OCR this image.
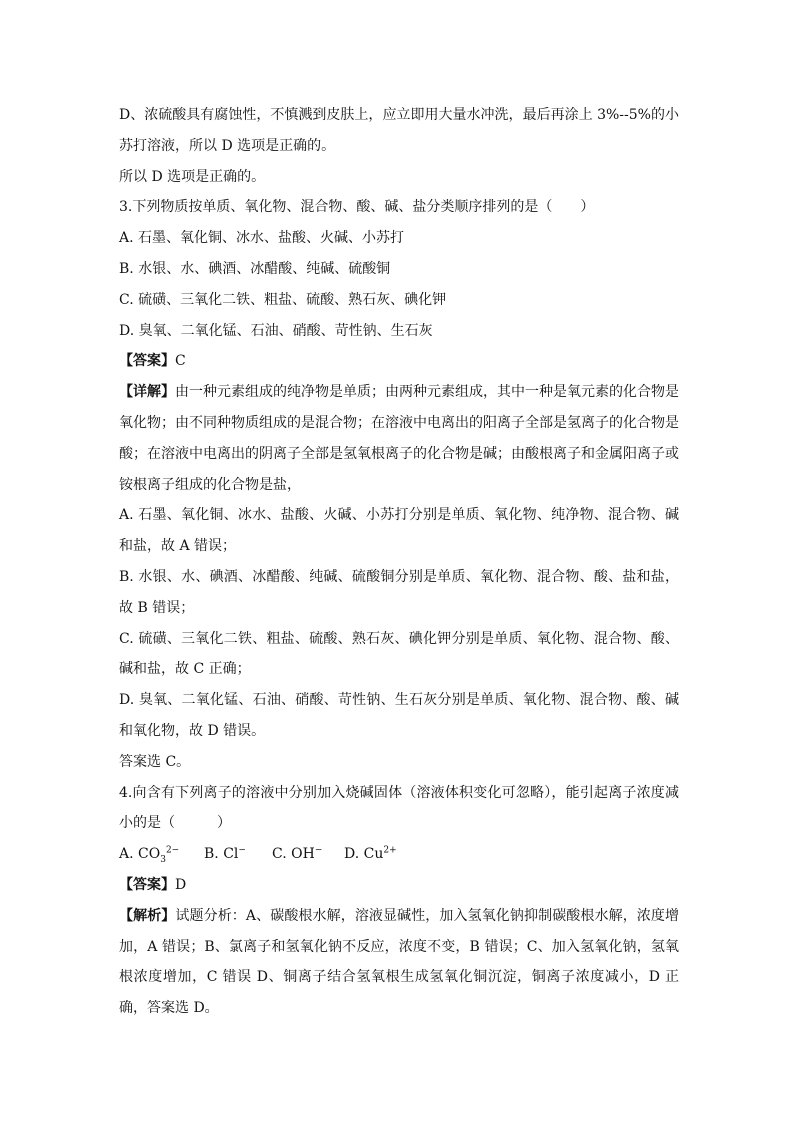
D、浓硫酸具有腐蚀性，不慎溅到皮肤上，应立即用大量水冲洗，最后再涂上 3%--5%的小苏打溶液，所以 D 选项是正确的。

所以 D 选项是正确的。

3.下列物质按单质、氧化物、混合物、酸、碱、盐分类顺序排列的是（　　）

A. 石墨、氧化铜、冰水、盐酸、火碱、小苏打

B. 水银、水、碘酒、冰醋酸、纯碱、硫酸铜

C. 硫磺、三氧化二铁、粗盐、硫酸、熟石灰、碘化钾

D. 臭氧、二氧化锰、石油、硝酸、苛性钠、生石灰

【答案】C

【详解】由一种元素组成的纯净物是单质；由两种元素组成，其中一种是氧元素的化合物是氧化物；由不同种物质组成的是混合物；在溶液中电离出的阳离子全部是氢离子的化合物是酸；在溶液中电离出的阴离子全部是氢氧根离子的化合物是碱；由酸根离子和金属阳离子或铵根离子组成的化合物是盐，

A. 石墨、氧化铜、冰水、盐酸、火碱、小苏打分别是单质、氧化物、纯净物、混合物、碱和盐，故 A 错误；

B. 水银、水、碘酒、冰醋酸、纯碱、硫酸铜分别是单质、氧化物、混合物、酸、盐和盐，故 B 错误；

C. 硫磺、三氧化二铁、粗盐、硫酸、熟石灰、碘化钾分别是单质、氧化物、混合物、酸、碱和盐，故 C 正确；

D. 臭氧、二氧化锰、石油、硝酸、苛性钠、生石灰分别是单质、氧化物、混合物、酸、碱和氧化物，故 D 错误。

答案选 C。

4.向含有下列离子的溶液中分别加入烧碱固体（溶液体积变化可忽略），能引起离子浓度减小的是（　　　）

A. $CO_3^{2-}$	B. Cl−	C. OH−	D. $Cu^{2+}$

【答案】D

【解析】试题分析：A、碳酸根水解，溶液显碱性，加入氢氧化钠抑制碳酸根水解，浓度增加，A 错误；B、氯离子和氢氧化钠不反应，浓度不变，B 错误；C、加入氢氧化钠，氢氧根浓度增加，C 错误 D、铜离子结合氢氧根生成氢氧化铜沉淀，铜离子浓度减小，D 正确，答案选 D。
